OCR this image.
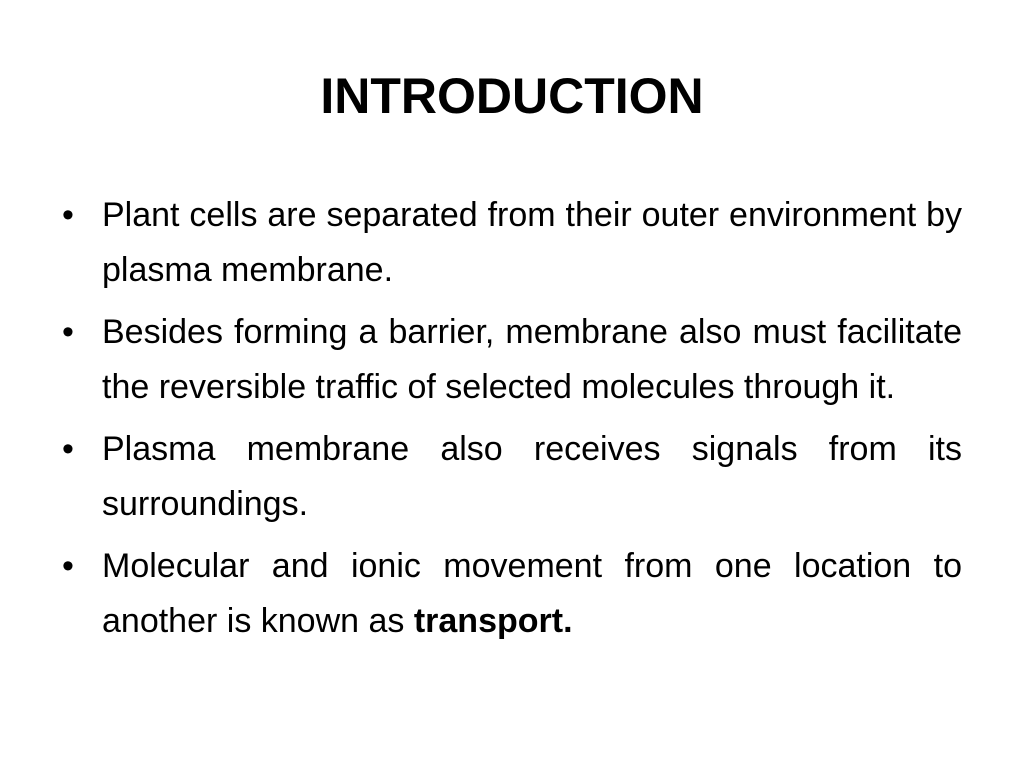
INTRODUCTION
• Plant cells are separated from their outer environment by plasma membrane.
• Besides forming a barrier, membrane also must facilitate the reversible traffic of selected molecules through it.
• Plasma membrane also receives signals from its surroundings.
• Molecular and ionic movement from one location to another is known as transport.
